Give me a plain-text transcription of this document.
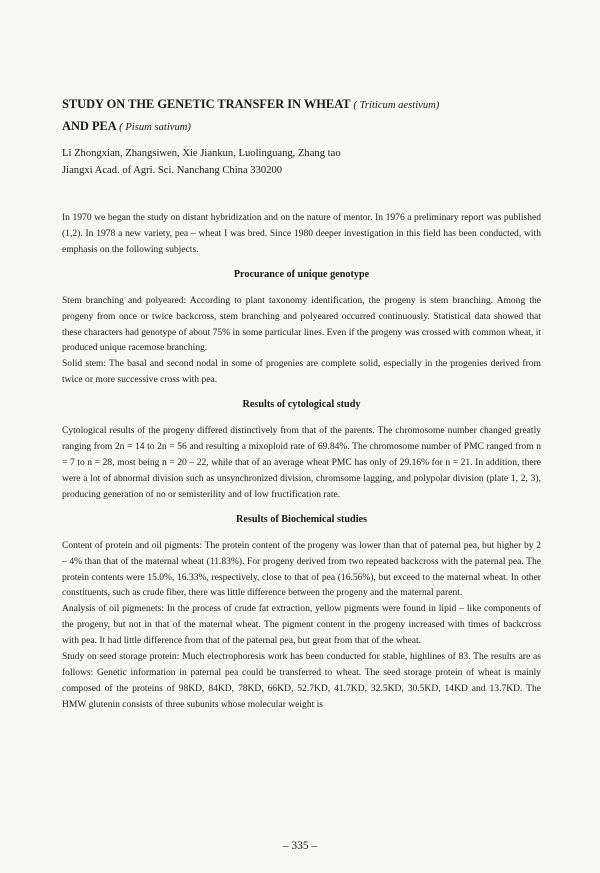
STUDY ON THE GENETIC TRANSFER IN WHEAT ( Triticum aestivum)
AND PEA ( Pisum sativum)
Li Zhongxian, Zhangsiwen, Xie Jiankun, Luolinguang, Zhang tao
Jiangxi Acad. of Agri. Sci. Nanchang China 330200

In 1970 we began the study on distant hybridization and on the nature of mentor. In 1976 a preliminary report was published (1,2). In 1978 a new variety, pea – wheat I was bred. Since 1980 deeper investigation in this field has been conducted, with emphasis on the following subjects.

Procurance of unique genotype

Stem branching and polyeared: According to plant taxonomy identification, the progeny is stem branching. Among the progeny from once or twice backcross, stem branching and polyeared occurred continuously. Statistical data showed that these characters had genotype of about 75% in some particular lines. Even if the progeny was crossed with common wheat, it produced unique racemose branching.

Solid stem: The basal and second nodal in some of progenies are complete solid, especially in the progenies derived from twice or more successive cross with pea.

Results of cytological study

Cytological results of the progeny differed distinctively from that of the parents. The chromosome number changed greatly ranging from 2n = 14 to 2n = 56 and resulting a mixoploid rate of 69.84%. The chromosome number of PMC ranged from n = 7 to n = 28, most being n = 20 – 22, while that of an average wheat PMC has only of 29.16% for n = 21. In addition, there were a lot of abnormal division such as unsynchronized division, chromsome lagging, and polypolar division (plate 1, 2, 3), producing generation of no or semisterility and of low fructification rate.

Results of Biochemical studies

Content of protein and oil pigments: The protein content of the progeny was lower than that of paternal pea, but higher by 2 – 4% than that of the maternal wheat (11.83%). For progeny derived from two repeated backcross with the paternal pea. The protein contents were 15.0%, 16.33%, respectively, close to that of pea (16.56%), but exceed to the maternal wheat. In other constituents, such as crude fiber, there was little difference between the progeny and the maternal parent.

Analysis of oil pigmenets: In the process of crude fat extraction, yellow pigments were found in lipid – like components of the progeny, but not in that of the maternal wheat. The pigment content in the progeny increased with times of backcross with pea. It had little difference from that of the paternal pea, but great from that of the wheat.

Study on seed storage protein: Much electrophoresis work has been conducted for stable, highlines of 83. The results are as follows: Genetic information in paternal pea could be transferred to wheat. The seed storage protein of wheat is mainly composed of the proteins of 98KD, 84KD, 78KD, 66KD, 52.7KD, 41.7KD, 32.5KD, 30.5KD, 14KD and 13.7KD. The HMW glutenin consists of three subunits whose molecular weight is

– 335 –
